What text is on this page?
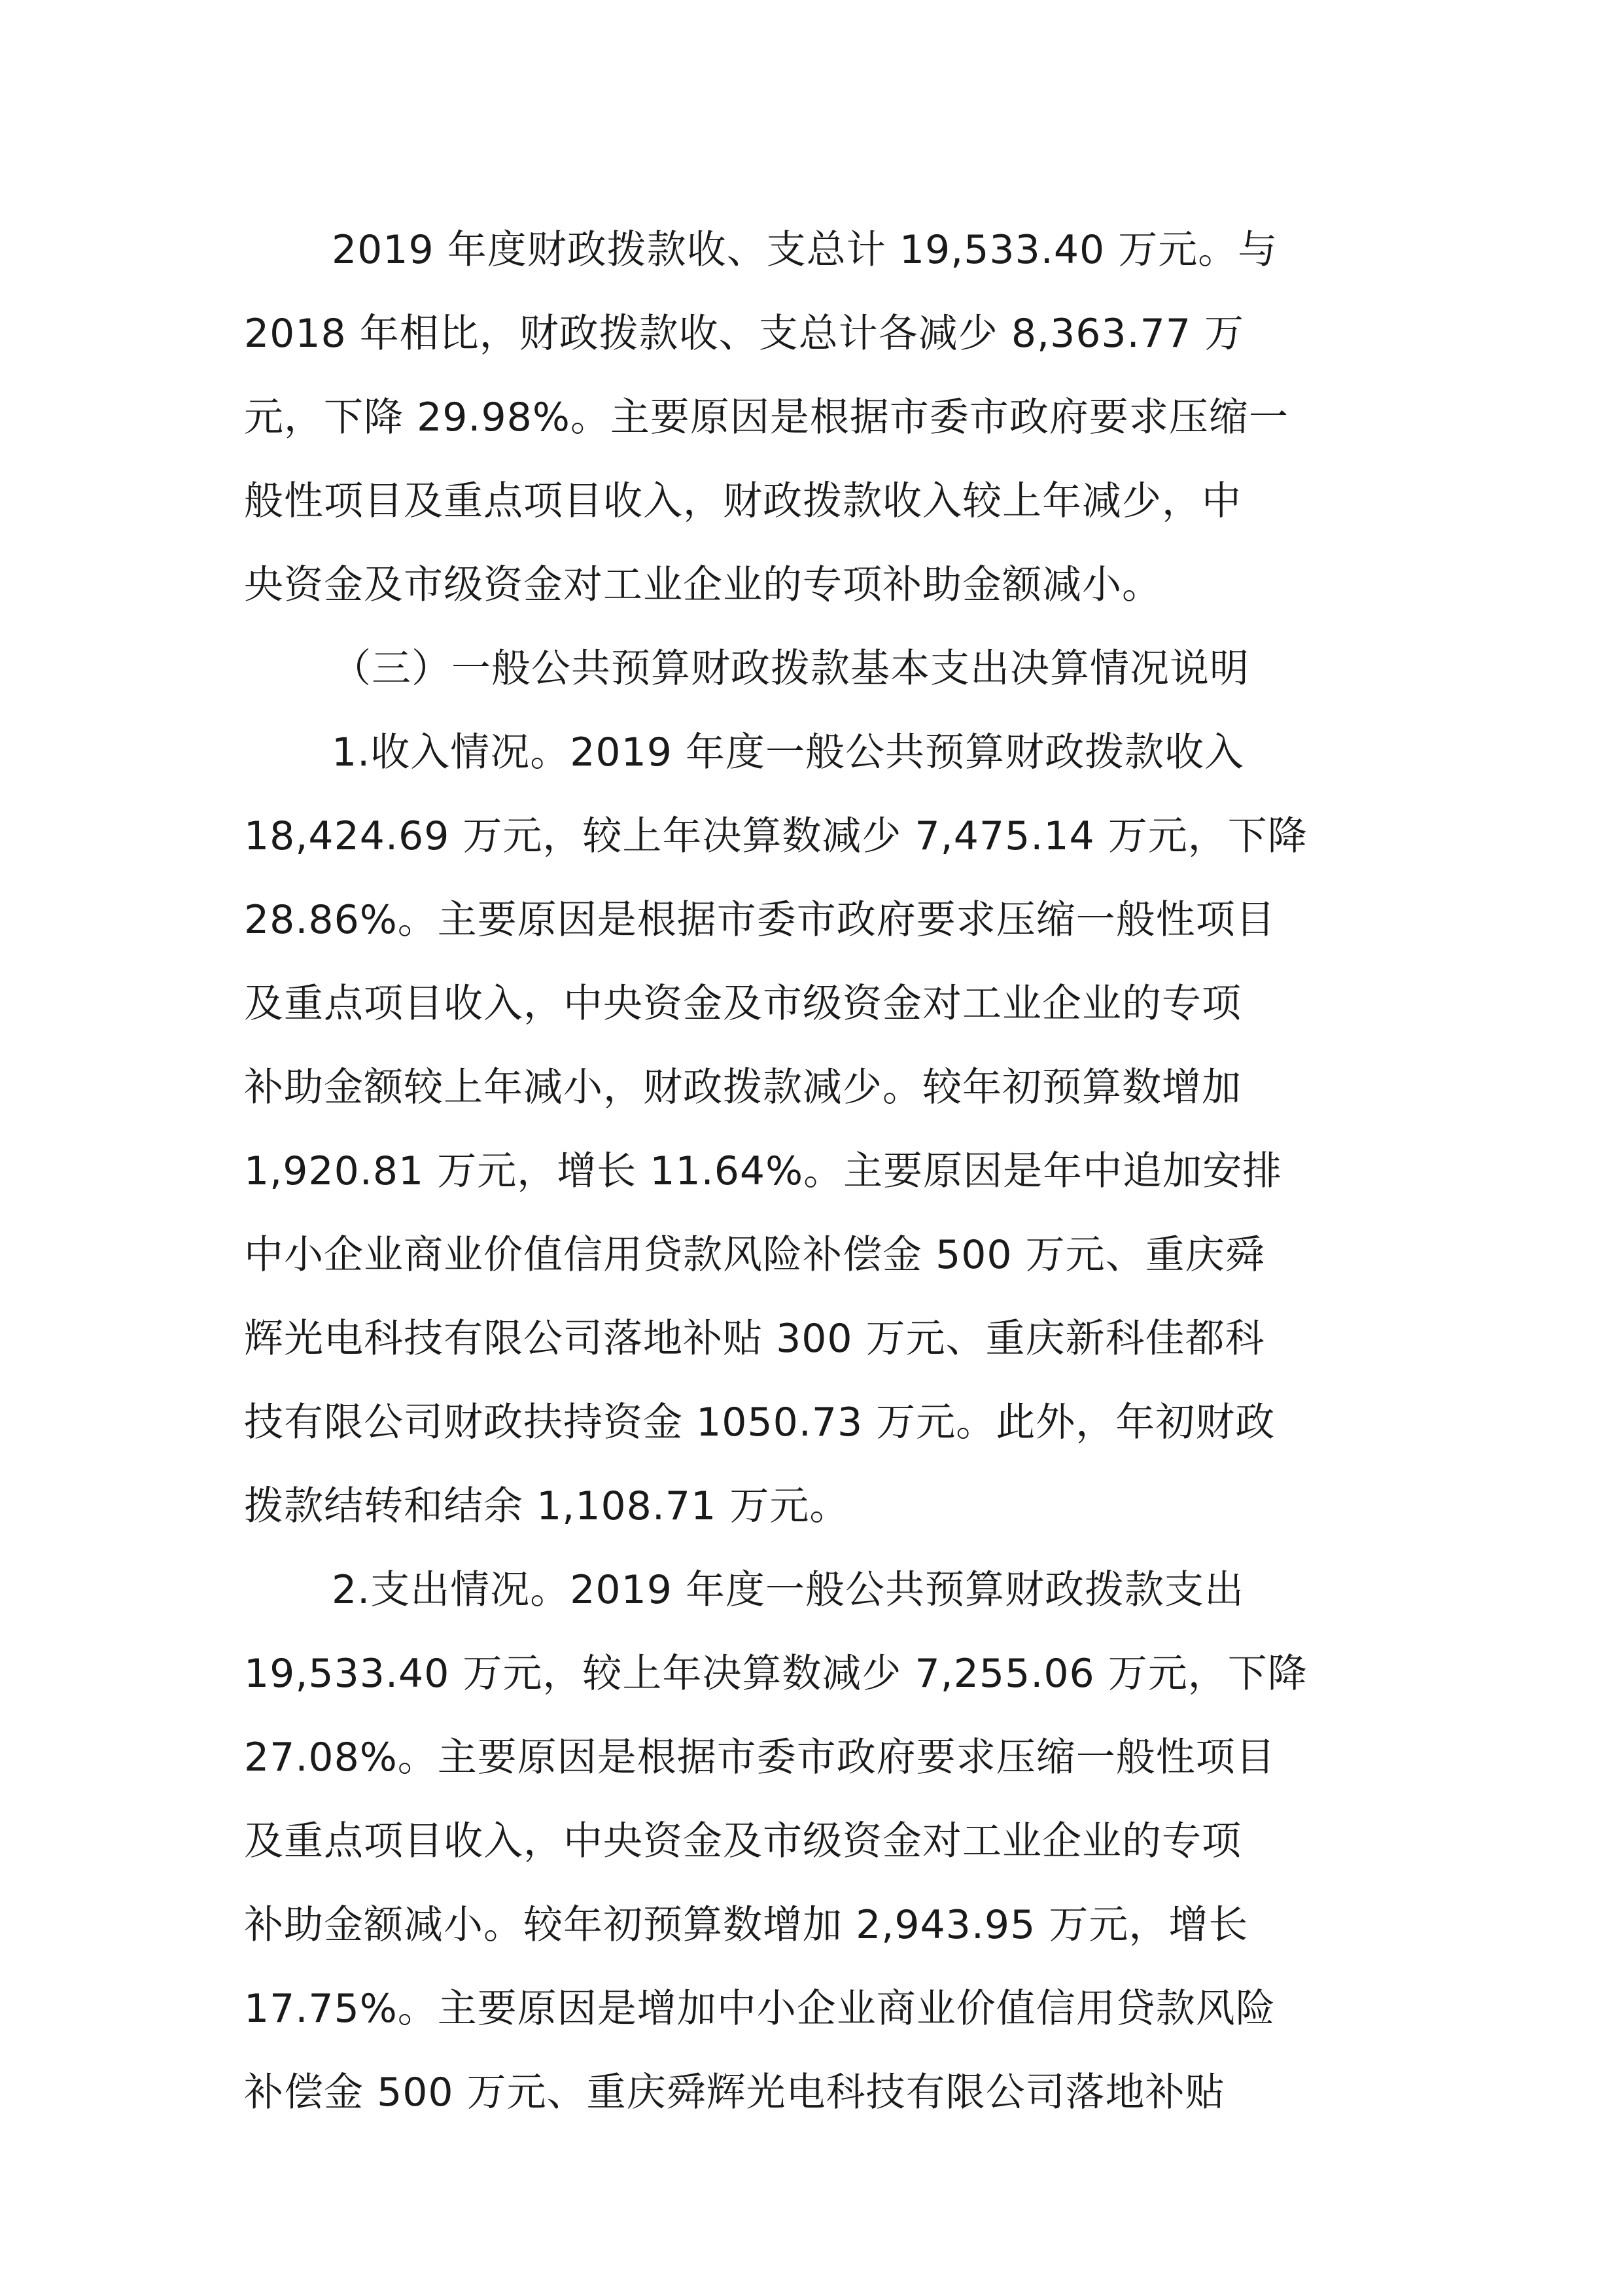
2019 年度财政拨款收、支总计 19,533.40 万元。与
2018 年相比，财政拨款收、支总计各减少 8,363.77 万
元，下降 29.98%。主要原因是根据市委市政府要求压缩一
般性项目及重点项目收入，财政拨款收入较上年减少，中
央资金及市级资金对工业企业的专项补助金额减小。
（三）一般公共预算财政拨款基本支出决算情况说明
1.收入情况。2019 年度一般公共预算财政拨款收入
18,424.69 万元，较上年决算数减少 7,475.14 万元，下降
28.86%。主要原因是根据市委市政府要求压缩一般性项目
及重点项目收入，中央资金及市级资金对工业企业的专项
补助金额较上年减小，财政拨款减少。较年初预算数增加
1,920.81 万元，增长 11.64%。主要原因是年中追加安排
中小企业商业价值信用贷款风险补偿金 500 万元、重庆舜
辉光电科技有限公司落地补贴 300 万元、重庆新科佳都科
技有限公司财政扶持资金 1050.73 万元。此外，年初财政
拨款结转和结余 1,108.71 万元。
2.支出情况。2019 年度一般公共预算财政拨款支出
19,533.40 万元，较上年决算数减少 7,255.06 万元，下降
27.08%。主要原因是根据市委市政府要求压缩一般性项目
及重点项目收入，中央资金及市级资金对工业企业的专项
补助金额减小。较年初预算数增加 2,943.95 万元，增长
17.75%。主要原因是增加中小企业商业价值信用贷款风险
补偿金 500 万元、重庆舜辉光电科技有限公司落地补贴
